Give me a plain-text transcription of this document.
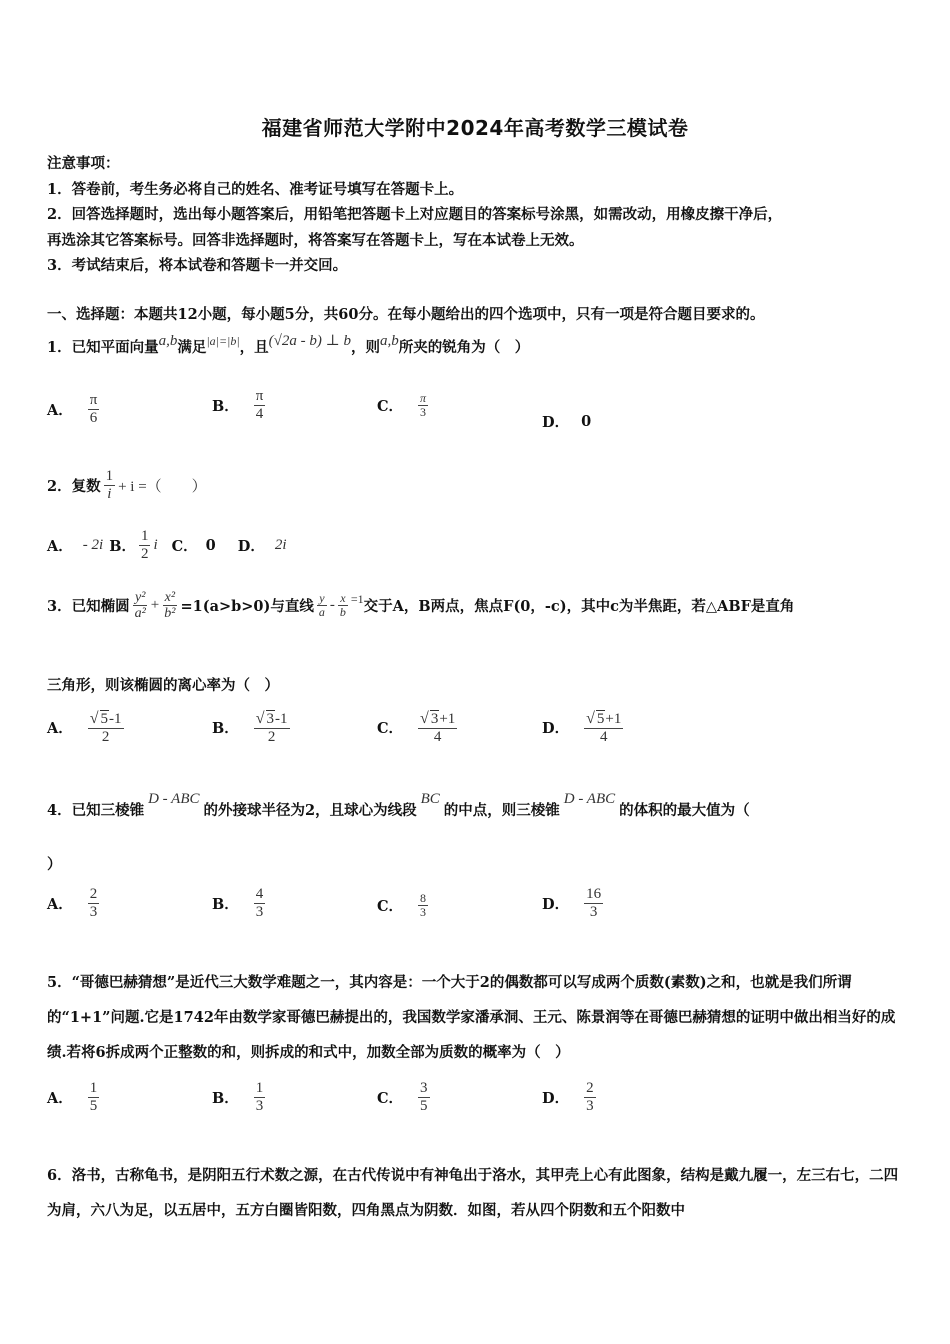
福建省师范大学附中2024年高考数学三模试卷
注意事项：
1．答卷前，考生务必将自己的姓名、准考证号填写在答题卡上。
2．回答选择题时，选出每小题答案后，用铅笔把答题卡上对应题目的答案标号涂黑，如需改动，用橡皮擦干净后，
再选涂其它答案标号。回答非选择题时，将答案写在答题卡上，写在本试卷上无效。
3．考试结束后，将本试卷和答题卡一并交回。
一、选择题：本题共12小题，每小题5分，共60分。在每小题给出的四个选项中，只有一项是符合题目要求的。
1．已知平面向量a,b满足$^{|a|=|b|}$，且(√2a - b) ⊥ b，则a,b所夹的锐角为（　）
A． $\frac{\pi}{6}$	B． $\frac{\pi}{4}$	C． $\frac{\pi}{3}$
D． 0
2．复数 $\frac{1}{i} + i$ =（　　）
A． - 2i B． $\frac{1}{2}$ i C． 0 D． 2i
3．已知椭圆 $\frac{\text{y²}}{\text{a²}} + \frac{\text{x²}}{\text{b²}} =1(a>b>0)$与直线 $\frac{y}{a} - \frac{x}{b} =1$ 交于A，B两点，焦点F(0，-c)，其中c为半焦距，若△ABF是直角
三角形，则该椭圆的离心率为（　）
A． $\frac{√ 5-1}{2}$	B． $\frac{√ 3-1}{2}$	C． $\frac{√ 3+1}{4}$	D． $\frac{√ 5+1}{4}$
4．已知三棱锥D - ABC的外接球半径为2，且球心为线段BC的中点，则三棱锥D - ABC的体积的最大值为（
）
A． $\frac{2}{3}$	B． $\frac{4}{3}$	C． $\frac{8}{3}$	D． $\frac{16}{3}$
5．“哥德巴赫猜想”是近代三大数学难题之一，其内容是：一个大于2的偶数都可以写成两个质数(素数)之和，也就是我们所谓的“1+1”问题.它是1742年由数学家哥德巴赫提出的，我国数学家潘承洞、王元、陈景润等在哥德巴赫猜想的证明中做出相当好的成绩.若将6拆成两个正整数的和，则拆成的和式中，加数全部为质数的概率为（　）
A． $\frac{1}{5}$	B． $\frac{1}{3}$	C． $\frac{3}{5}$	D． $\frac{2}{3}$
6．洛书，古称龟书，是阴阳五行术数之源，在古代传说中有神龟出于洛水，其甲壳上心有此图象，结构是戴九履一，左三右七，二四为肩，六八为足，以五居中，五方白圈皆阳数，四角黑点为阴数．如图，若从四个阴数和五个阳数中
